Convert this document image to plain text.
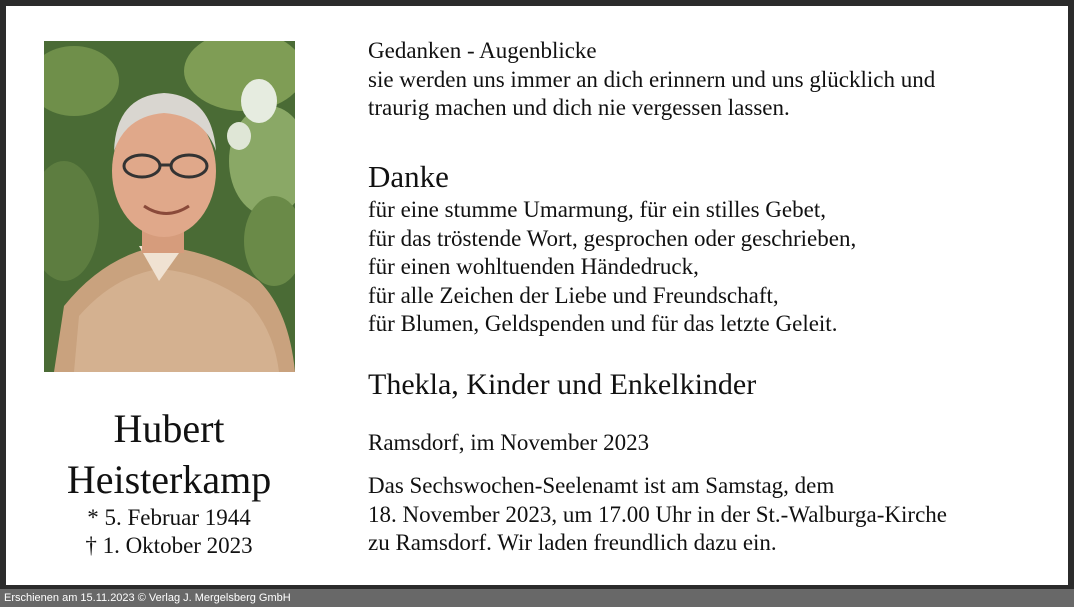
Hubert
Heisterkamp
* 5. Februar 1944
† 1. Oktober 2023
Gedanken - Augenblicke
sie werden uns immer an dich erinnern und uns glücklich und
traurig machen und dich nie vergessen lassen.
Danke
für eine stumme Umarmung, für ein stilles Gebet,
für das tröstende Wort, gesprochen oder geschrieben,
für einen wohltuenden Händedruck,
für alle Zeichen der Liebe und Freundschaft,
für Blumen, Geldspenden und für das letzte Geleit.
Thekla, Kinder und Enkelkinder
Ramsdorf, im November 2023
Das Sechswochen-Seelenamt ist am Samstag, dem
18. November 2023, um 17.00 Uhr in der St.-Walburga-Kirche
zu Ramsdorf. Wir laden freundlich dazu ein.
Erschienen am 15.11.2023 © Verlag J. Mergelsberg GmbH
